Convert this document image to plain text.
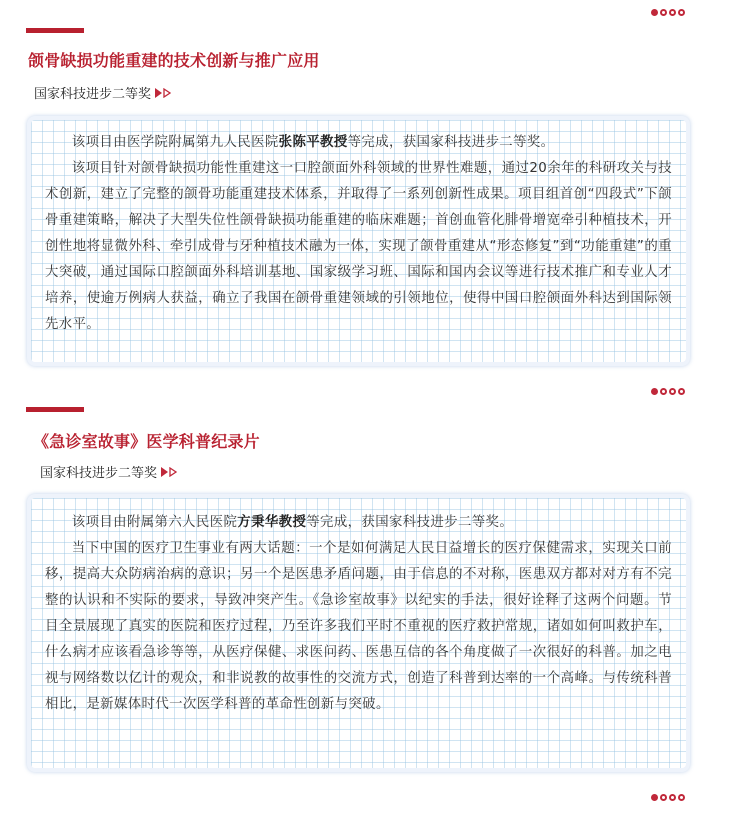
颌骨缺损功能重建的技术创新与推广应用
国家科技进步二等奖

该项目由医学院附属第九人民医院张陈平教授等完成，获国家科技进步二等奖。

该项目针对颌骨缺损功能性重建这一口腔颌面外科领域的世界性难题，通过20余年的科研攻关与技术创新，建立了完整的颌骨功能重建技术体系，并取得了一系列创新性成果。项目组首创“四段式”下颌骨重建策略，解决了大型失位性颌骨缺损功能重建的临床难题；首创血管化腓骨增宽牵引种植技术，开创性地将显微外科、牵引成骨与牙种植技术融为一体，实现了颌骨重建从“形态修复”到“功能重建”的重大突破，通过国际口腔颌面外科培训基地、国家级学习班、国际和国内会议等进行技术推广和专业人才培养，使逾万例病人获益，确立了我国在颌骨重建领域的引领地位，使得中国口腔颌面外科达到国际领先水平。

《急诊室故事》医学科普纪录片
国家科技进步二等奖

该项目由附属第六人民医院方秉华教授等完成，获国家科技进步二等奖。

当下中国的医疗卫生事业有两大话题：一个是如何满足人民日益增长的医疗保健需求，实现关口前移，提高大众防病治病的意识；另一个是医患矛盾问题，由于信息的不对称，医患双方都对对方有不完整的认识和不实际的要求，导致冲突产生。《急诊室故事》以纪实的手法，很好诠释了这两个问题。节目全景展现了真实的医院和医疗过程，乃至许多我们平时不重视的医疗救护常规，诸如如何叫救护车，什么病才应该看急诊等等，从医疗保健、求医问药、医患互信的各个角度做了一次很好的科普。加之电视与网络数以亿计的观众，和非说教的故事性的交流方式，创造了科普到达率的一个高峰。与传统科普相比，是新媒体时代一次医学科普的革命性创新与突破。
